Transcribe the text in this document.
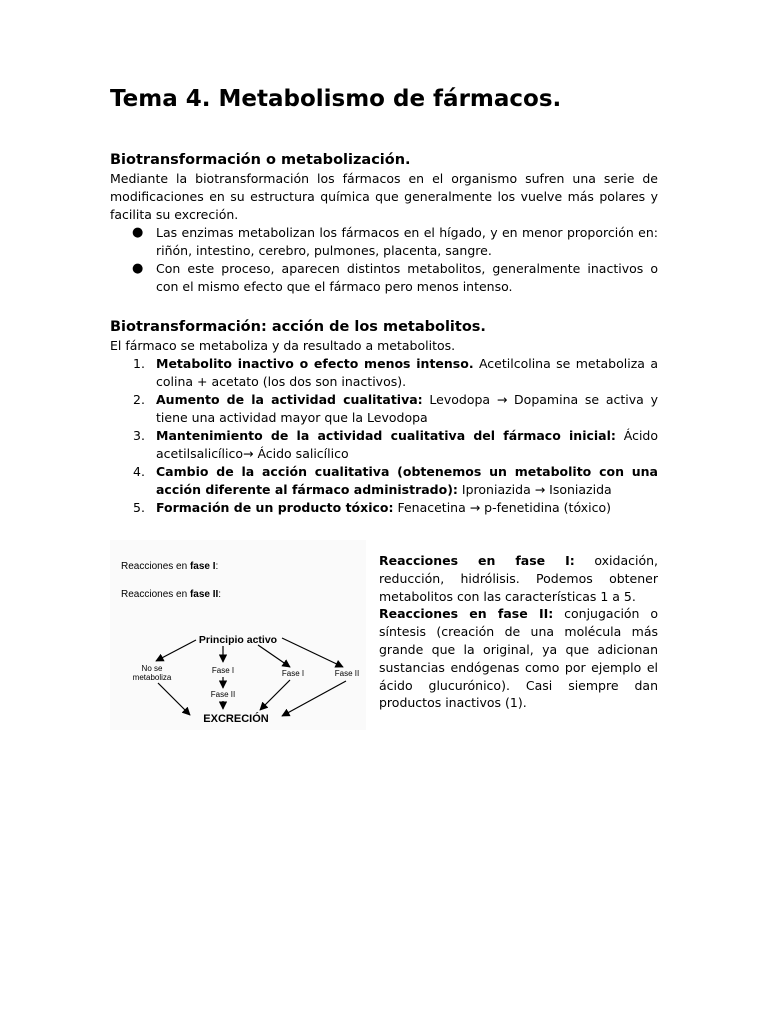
Tema 4. Metabolismo de fármacos.

Biotransformación o metabolización.

Mediante la biotransformación los fármacos en el organismo sufren una serie de modificaciones en su estructura química que generalmente los vuelve más polares y facilita su excreción.

● Las enzimas metabolizan los fármacos en el hígado, y en menor proporción en: riñón, intestino, cerebro, pulmones, placenta, sangre.
● Con este proceso, aparecen distintos metabolitos, generalmente inactivos o con el mismo efecto que el fármaco pero menos intenso.

Biotransformación: acción de los metabolitos.

El fármaco se metaboliza y da resultado a metabolitos.

1. Metabolito inactivo o efecto menos intenso. Acetilcolina se metaboliza a colina + acetato (los dos son inactivos).
2. Aumento de la actividad cualitativa: Levodopa → Dopamina se activa y tiene una actividad mayor que la Levodopa
3. Mantenimiento de la actividad cualitativa del fármaco inicial: Ácido acetilsalicílico→ Ácido salicílico
4. Cambio de la acción cualitativa (obtenemos un metabolito con una acción diferente al fármaco administrado): Iproniazida → Isoniazida
5. Formación de un producto tóxico: Fenacetina → p-fenetidina (tóxico)
Reacciones en fase I:
Reacciones en fase II:
Principio activo
No se
metaboliza
Fase I	Fase I	Fase II
Fase II
EXCRECIÓN

Reacciones en fase I: oxidación, reducción, hidrólisis. Podemos obtener metabolitos con las características 1 a 5.

Reacciones en fase II: conjugación o síntesis (creación de una molécula más grande que la original, ya que adicionan sustancias endógenas como por ejemplo el ácido glucurónico). Casi siempre dan productos inactivos (1).
